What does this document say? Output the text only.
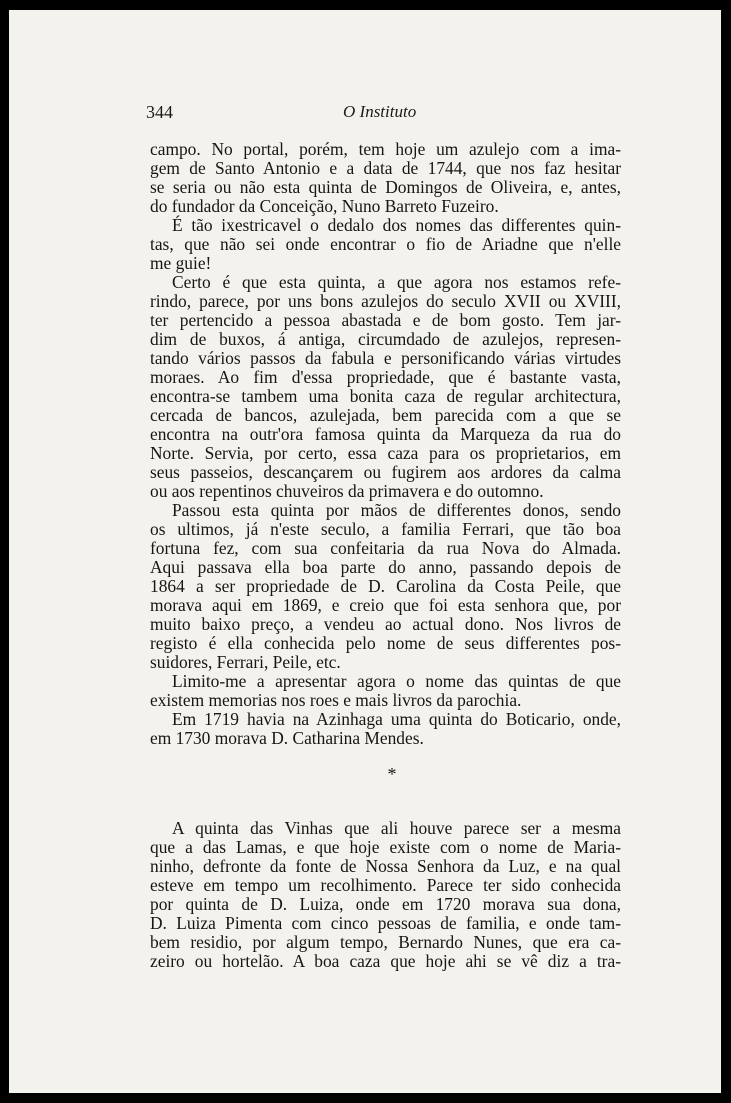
344	O Instituto
campo. No portal, porém, tem hoje um azulejo com a ima-
gem de Santo Antonio e a data de 1744, que nos faz hesitar
se seria ou não esta quinta de Domingos de Oliveira, e, antes,
do fundador da Conceição, Nuno Barreto Fuzeiro.
É tão ixestricavel o dedalo dos nomes das differentes quin-
tas, que não sei onde encontrar o fio de Ariadne que n'elle
me guie!
Certo é que esta quinta, a que agora nos estamos refe-
rindo, parece, por uns bons azulejos do seculo XVII ou XVIII,
ter pertencido a pessoa abastada e de bom gosto. Tem jar-
dim de buxos, á antiga, circumdado de azulejos, represen-
tando vários passos da fabula e personificando várias virtudes
moraes. Ao fim d'essa propriedade, que é bastante vasta,
encontra-se tambem uma bonita caza de regular architectura,
cercada de bancos, azulejada, bem parecida com a que se
encontra na outr'ora famosa quinta da Marqueza da rua do
Norte. Servia, por certo, essa caza para os proprietarios, em
seus passeios, descançarem ou fugirem aos ardores da calma
ou aos repentinos chuveiros da primavera e do outomno.
Passou esta quinta por mãos de differentes donos, sendo
os ultimos, já n'este seculo, a familia Ferrari, que tão boa
fortuna fez, com sua confeitaria da rua Nova do Almada.
Aqui passava ella boa parte do anno, passando depois de
1864 a ser propriedade de D. Carolina da Costa Peile, que
morava aqui em 1869, e creio que foi esta senhora que, por
muito baixo preço, a vendeu ao actual dono. Nos livros de
registo é ella conhecida pelo nome de seus differentes pos-
suidores, Ferrari, Peile, etc.
Limito-me a apresentar agora o nome das quintas de que
existem memorias nos roes e mais livros da parochia.
Em 1719 havia na Azinhaga uma quinta do Boticario, onde,
em 1730 morava D. Catharina Mendes.
*
A quinta das Vinhas que ali houve parece ser a mesma
que a das Lamas, e que hoje existe com o nome de Maria-
ninho, defronte da fonte de Nossa Senhora da Luz, e na qual
esteve em tempo um recolhimento. Parece ter sido conhecida
por quinta de D. Luiza, onde em 1720 morava sua dona,
D. Luiza Pimenta com cinco pessoas de familia, e onde tam-
bem residio, por algum tempo, Bernardo Nunes, que era ca-
zeiro ou hortelão. A boa caza que hoje ahi se vê diz a tra-
